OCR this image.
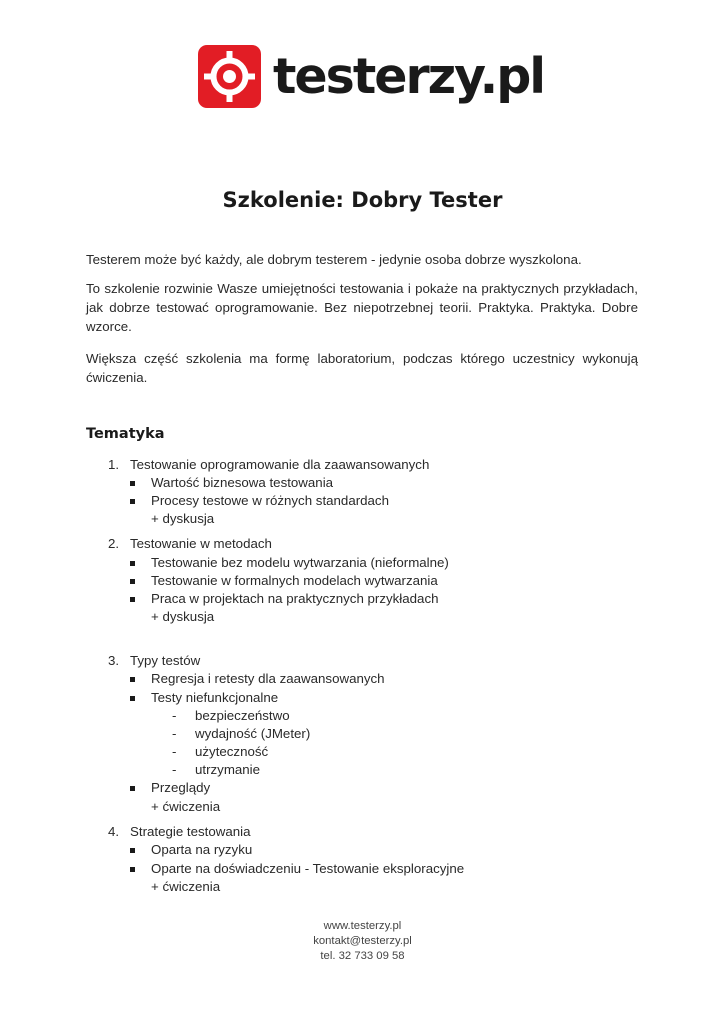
testerzy.pl
Szkolenie: Dobry Tester
Testerem może być każdy, ale dobrym testerem - jedynie osoba dobrze wyszkolona.
To szkolenie rozwinie Wasze umiejętności testowania i pokaże na praktycznych przykładach, jak dobrze testować oprogramowanie. Bez niepotrzebnej teorii. Praktyka. Praktyka. Dobre wzorce.
Większa część szkolenia ma formę laboratorium, podczas którego uczestnicy wykonują ćwiczenia.
Tematyka
1. Testowanie oprogramowanie dla zaawansowanych
Wartość biznesowa testowania
Procesy testowe w różnych standardach
+ dyskusja
2. Testowanie w metodach
Testowanie bez modelu wytwarzania (nieformalne)
Testowanie w formalnych modelach wytwarzania
Praca w projektach na praktycznych przykładach
+ dyskusja
3. Typy testów
Regresja i retesty dla zaawansowanych
Testy niefunkcjonalne
- bezpieczeństwo
- wydajność (JMeter)
- użyteczność
- utrzymanie
Przeglądy
+ ćwiczenia
4. Strategie testowania
Oparta na ryzyku
Oparte na doświadczeniu - Testowanie eksploracyjne
+ ćwiczenia
www.testerzy.pl
kontakt@testerzy.pl
tel. 32 733 09 58
